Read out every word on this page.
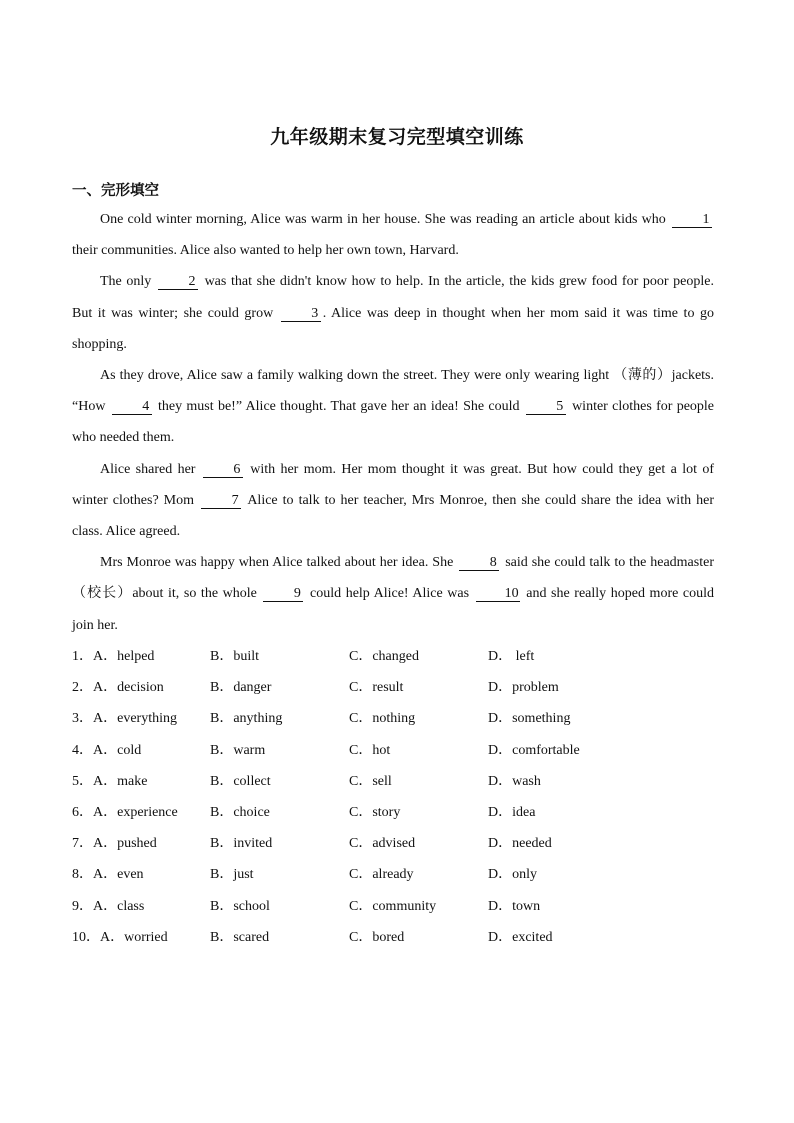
九年级期末复习完型填空训练
一、完形填空

One cold winter morning, Alice was warm in her house. She was reading an article about kids who 1 their communities. Alice also wanted to help her own town, Harvard.

The only 2 was that she didn't know how to help. In the article, the kids grew food for poor people. But it was winter; she could grow 3 . Alice was deep in thought when her mom said it was time to go shopping.

As they drove, Alice saw a family walking down the street. They were only wearing light （薄的）jackets. “How 4 they must be!” Alice thought. That gave her an idea! She could 5 winter clothes for people who needed them.

Alice shared her 6 with her mom. Her mom thought it was great. But how could they get a lot of winter clothes? Mom 7 Alice to talk to her teacher, Mrs Monroe, then she could share the idea with her class. Alice agreed.

Mrs Monroe was happy when Alice talked about her idea. She 8 said she could talk to the headmaster （校长）about it, so the whole 9 could help Alice! Alice was 10 and she really hoped more could join her.

1．A．helped	B．built	C．changed	D． left
2．A．decision	B．danger	C．result	D．problem
3．A．everything B．anything	C．nothing	D．something
4．A．cold	B．warm	C．hot	D．comfortable
5．A．make	B．collect	C．sell	D．wash
6．A．experience B．choice	C．story	D．idea
7．A．pushed	B．invited	C．advised	D．needed
8．A．even	B．just	C．already	D．only
9．A．class	B．school	C．community	D．town
10．A．worried	B．scared	C．bored	D．excited
